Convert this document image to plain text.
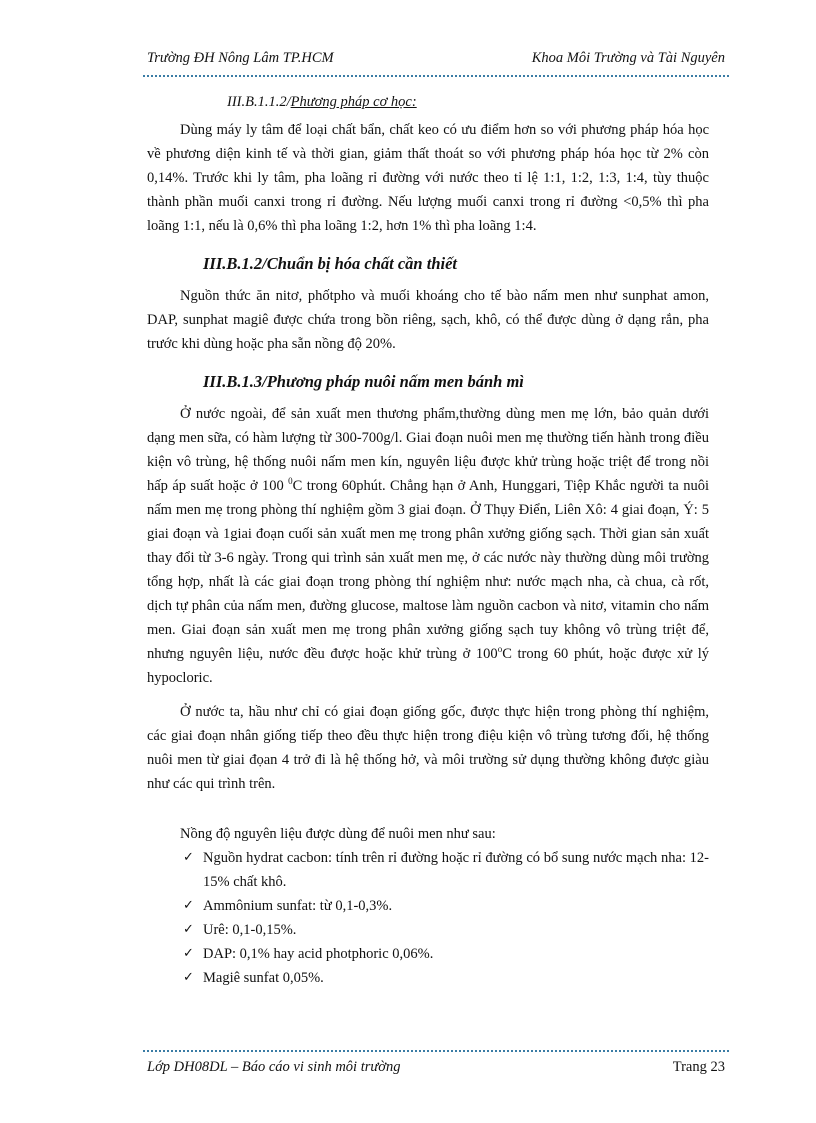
Trường ĐH Nông Lâm TP.HCM	Khoa Môi Trường và Tài Nguyên
III.B.1.1.2/Phương pháp cơ học:

Dùng máy ly tâm để loại chất bẩn, chất keo có ưu điểm hơn so với phương pháp hóa học về phương diện kinh tế và thời gian, giảm thất thoát so với phương pháp hóa học từ 2% còn 0,14%. Trước khi ly tâm, pha loãng rỉ đường với nước theo tỉ lệ 1:1, 1:2, 1:3, 1:4, tùy thuộc thành phần muối canxi trong rỉ đường. Nếu lượng muối canxi trong rỉ đường <0,5% thì pha loãng 1:1, nếu là 0,6% thì pha loãng 1:2, hơn 1% thì pha loãng 1:4.

III.B.1.2/Chuẩn bị hóa chất cần thiết

Nguồn thức ăn nitơ, phốtpho và muối khoáng cho tế bào nấm men như sunphat amon, DAP, sunphat magiê được chứa trong bồn riêng, sạch, khô, có thể được dùng ở dạng rắn, pha trước khi dùng hoặc pha sẵn nồng độ 20%.

III.B.1.3/Phương pháp nuôi nấm men bánh mì

Ở nước ngoài, để sản xuất men thương phẩm,thường dùng men mẹ lớn, bảo quản dưới dạng men sữa, có hàm lượng từ 300-700g/l. Giai đoạn nuôi men mẹ thường tiến hành trong điều kiện vô trùng, hệ thống nuôi nấm men kín, nguyên liệu được khử trùng hoặc triệt để trong nồi hấp áp suất hoặc ở 100 $^0$C trong 60phút. Chẳng hạn ở Anh, Hunggari, Tiệp Khắc người ta nuôi nấm men mẹ trong phòng thí nghiệm gồm 3 giai đoạn. Ở Thụy Điển, Liên Xô: 4 giai đoạn, Ý: 5 giai đoạn và 1giai đoạn cuối sản xuất men mẹ trong phân xưởng giống sạch. Thời gian sản xuất thay đổi từ 3-6 ngày. Trong qui trình sản xuất men mẹ, ở các nước này thường dùng môi trường tổng hợp, nhất là các giai đoạn trong phòng thí nghiệm như: nước mạch nha, cà chua, cà rốt, dịch tự phân của nấm men, đường glucose, maltose làm nguồn cacbon và nitơ, vitamin cho nấm men. Giai đoạn sản xuất men mẹ trong phân xưởng giống sạch tuy không vô trùng triệt để, nhưng nguyên liệu, nước đều được hoặc khử trùng ở 100$^o$C trong 60 phút, hoặc được xử lý hypocloric.

Ở nước ta, hầu như chỉ có giai đoạn giống gốc, được thực hiện trong phòng thí nghiệm, các giai đoạn nhân giống tiếp theo đều thực hiện trong điệu kiện vô trùng tương đối, hệ thống nuôi men từ giai đọan 4 trở đi là hệ thống hở, và môi trường sử dụng thường không được giàu như các qui trình trên.

Nồng độ nguyên liệu được dùng để nuôi men như sau:

✓ Nguồn hydrat cacbon: tính trên rỉ đường hoặc rỉ đường có bổ sung nước mạch nha: 12-15% chất khô.
✓ Ammônium sunfat: từ 0,1-0,3%.
✓ Urê: 0,1-0,15%.
✓ DAP: 0,1% hay acid photphoric 0,06%.
✓ Magiê sunfat 0,05%.
Lớp DH08DL – Báo cáo vi sinh môi trường	Trang 23
